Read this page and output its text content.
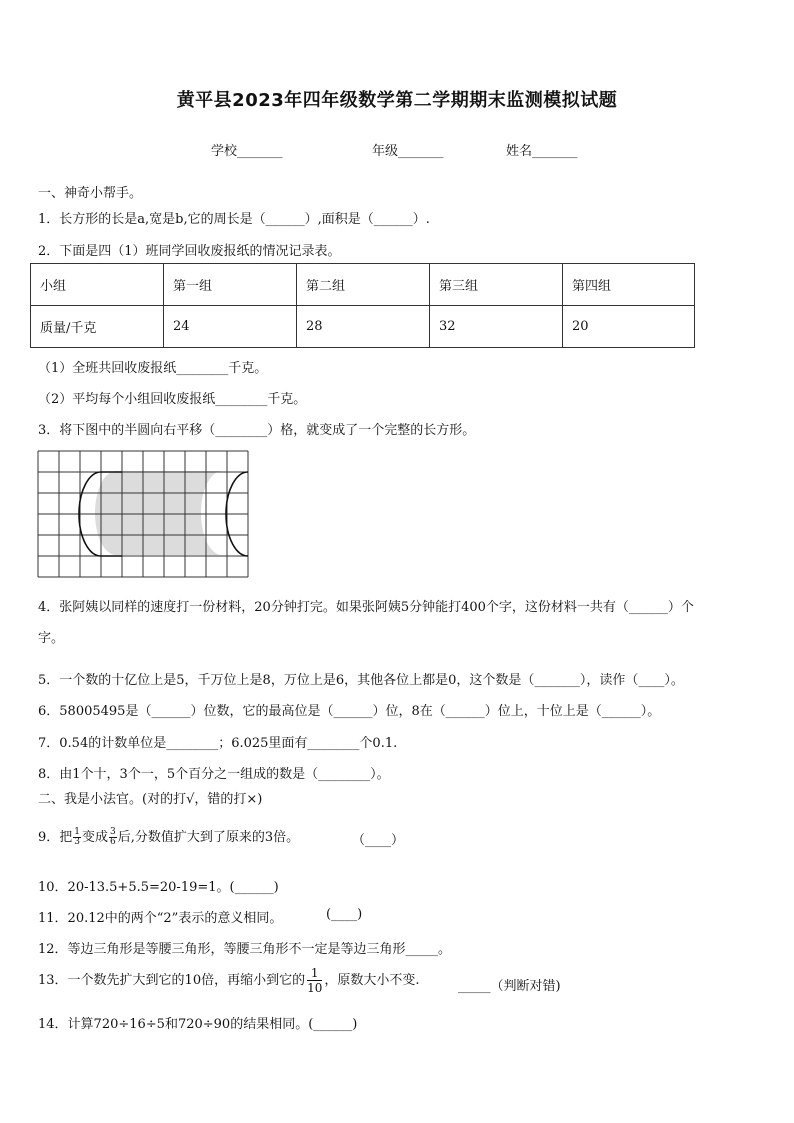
黄平县2023年四年级数学第二学期期末监测模拟试题
学校_______	年级_______	姓名_______
一、神奇小帮手。
1．长方形的长是a,宽是b,它的周长是（______）,面积是（______）.
2．下面是四（1）班同学回收废报纸的情况记录表。
小组	第一组	第二组	第三组	第四组
质量/千克	24	28	32	20
（1）全班共回收废报纸________千克。
（2）平均每个小组回收废报纸________千克。
3．将下图中的半圆向右平移（________）格，就变成了一个完整的长方形。
4．张阿姨以同样的速度打一份材料，20分钟打完。如果张阿姨5分钟能打400个字，这份材料一共有（______）个
字。
5．一个数的十亿位上是5，千万位上是8，万位上是6，其他各位上都是0，这个数是（_______），读作（____）。
6．58005495是（______）位数，它的最高位是（______）位，8在（______）位上，十位上是（______）。
7．0.54的计数单位是________；6.025里面有________个0.1.
8．由1个十，3个一，5个百分之一组成的数是（________）。
二、我是小法官。(对的打√，错的打×)
9．把 $\frac{1}{3}$ 变成 $\frac{3}{6}$ 后,分数值扩大到了原来的3倍。	（____）
10．20-13.5+5.5=20-19=1。(______)
11．20.12中的两个“2”表示的意义相同。	(____)
12．等边三角形是等腰三角形，等腰三角形不一定是等边三角形_____。
13．一个数先扩大到它的10倍，再缩小到它的 $\frac{1}{10}$ ，原数大小不变.	_____（判断对错)
14．计算720÷16÷5和720÷90的结果相同。(______)
